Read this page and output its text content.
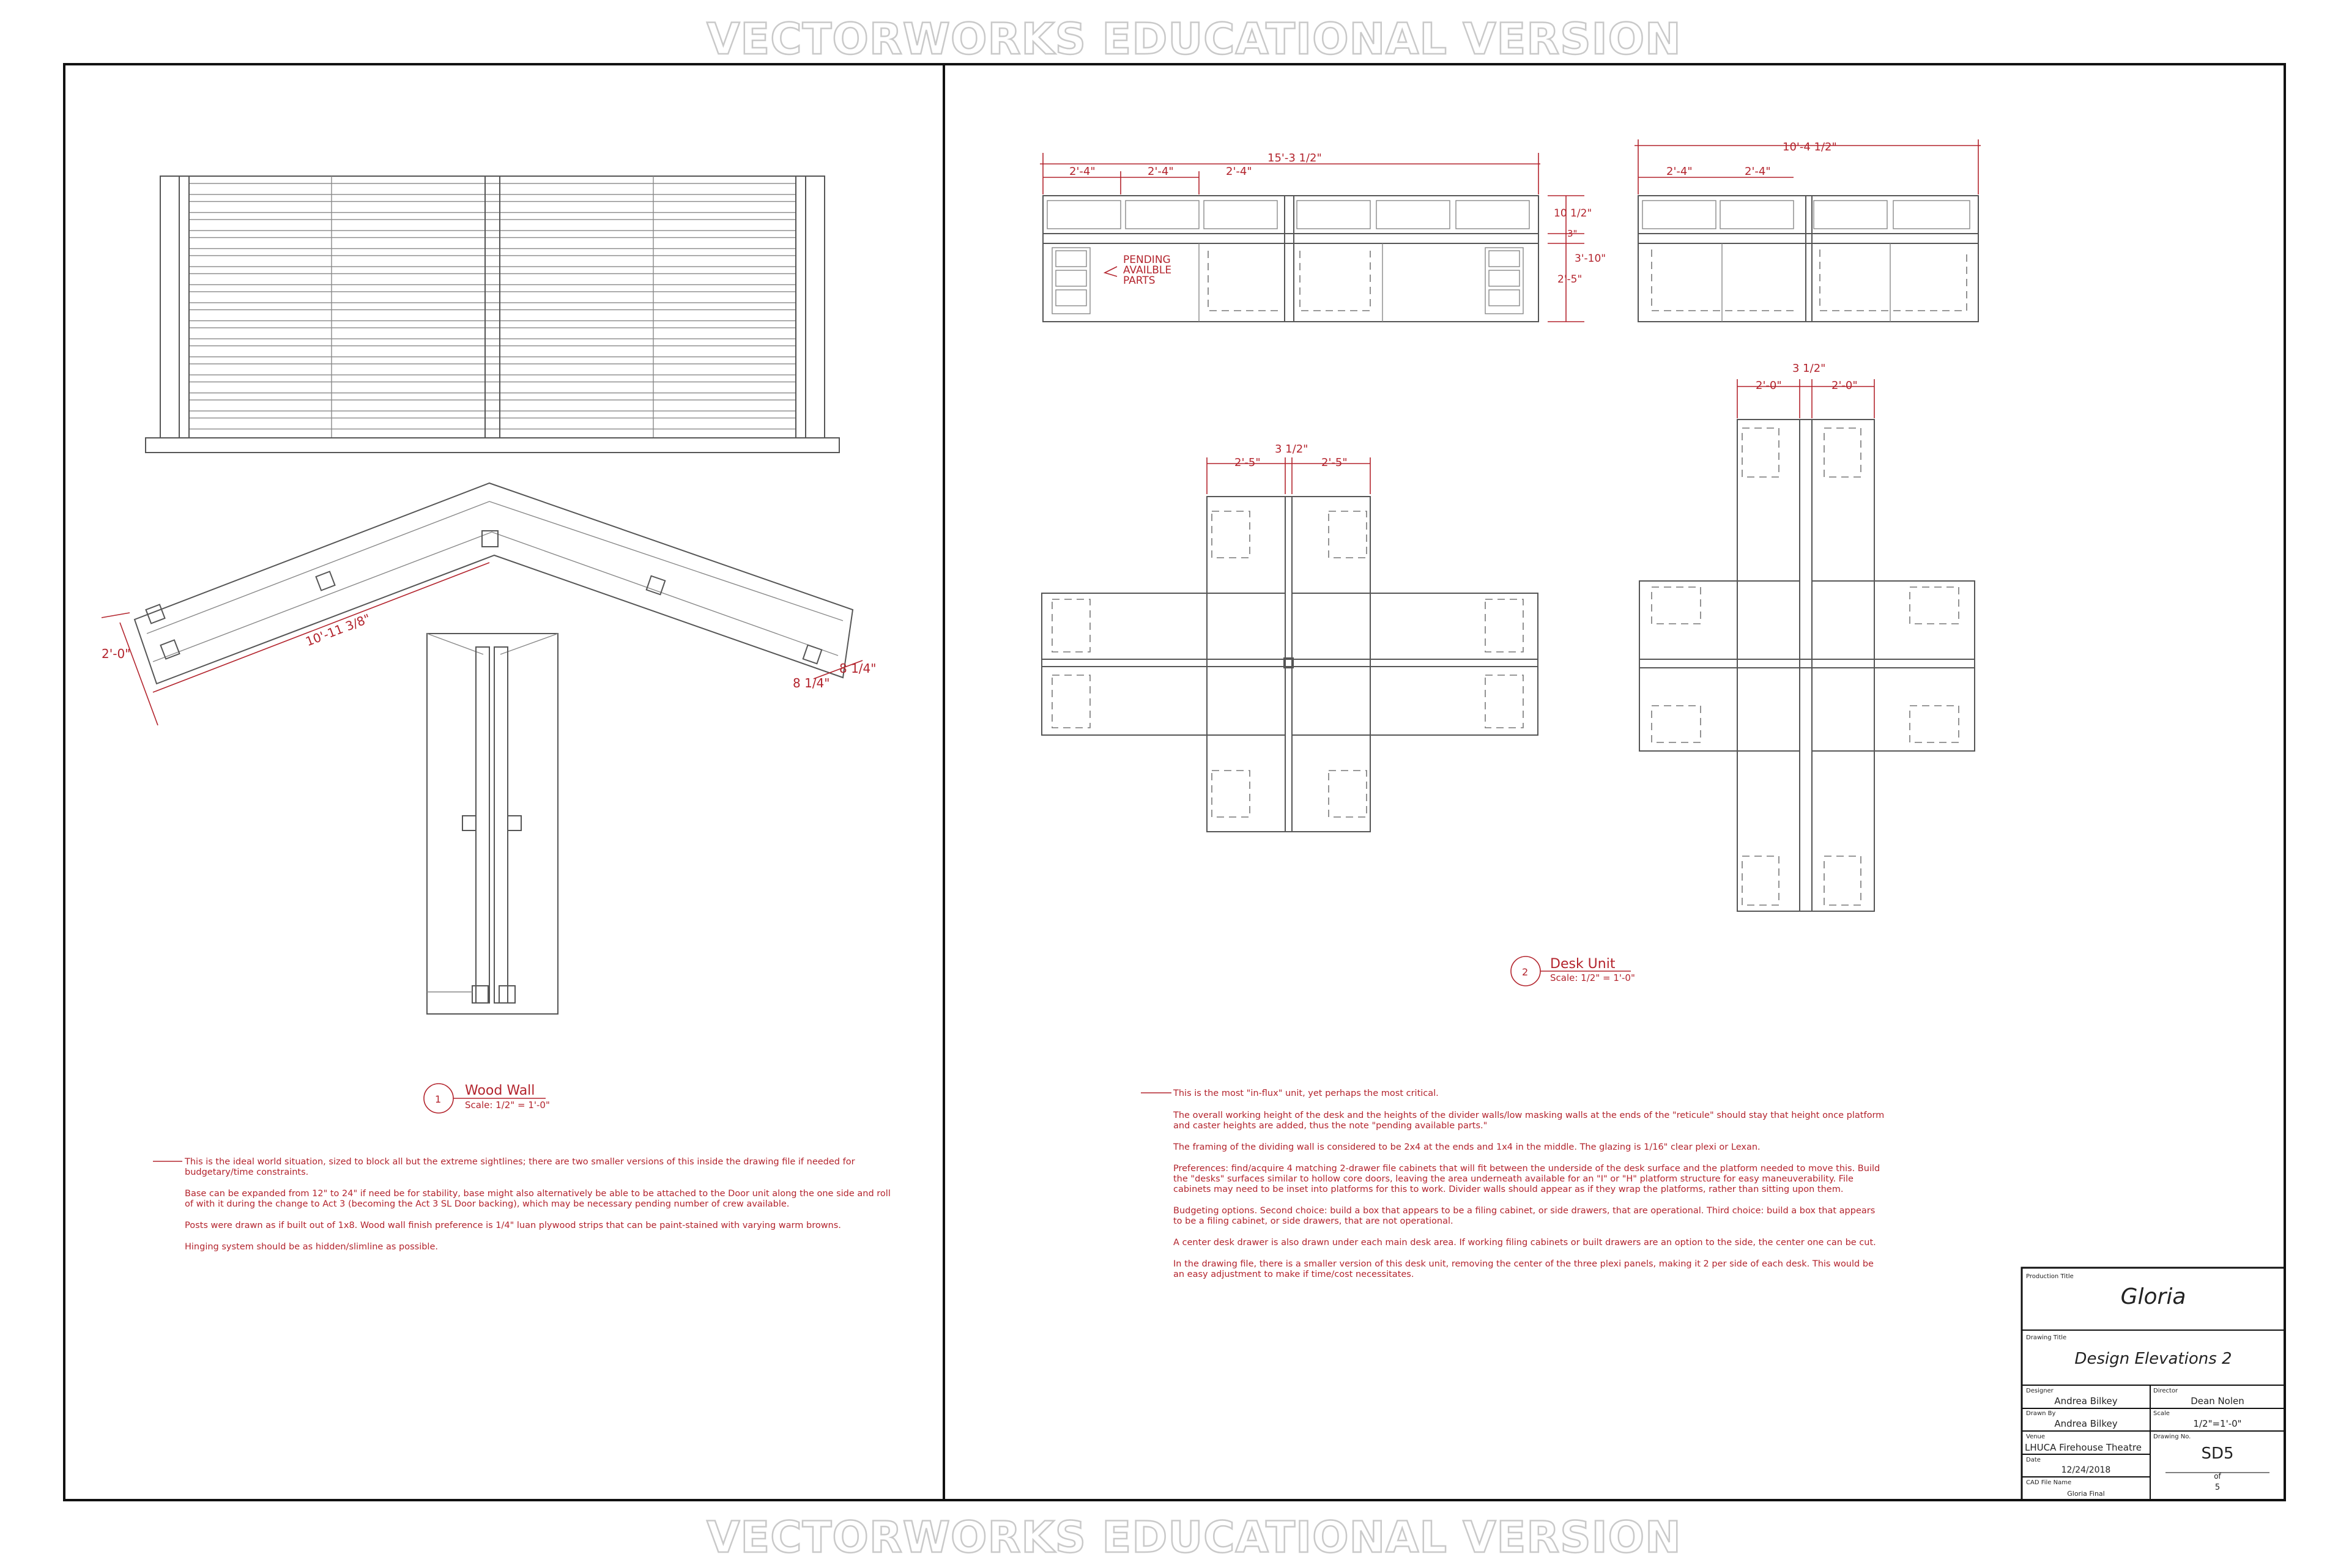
VECTORWORKS EDUCATIONAL VERSION
VECTORWORKS EDUCATIONAL VERSION
2'-0"
10'-11 3/8"
8 1/4"
8 1/4"
1
Wood Wall
Scale: 1/2" = 1'-0"
This is the ideal world situation, sized to block all but the extreme sightlines; there are two smaller versions of this inside the drawing file if needed for
budgetary/time constraints.
Base can be expanded from 12" to 24" if need be for stability, base might also alternatively be able to be attached to the Door unit along the one side and roll
of with it during the change to Act 3 (becoming the Act 3 SL Door backing), which may be necessary pending number of crew available.
Posts were drawn as if built out of 1x8. Wood wall finish preference is 1/4" luan plywood strips that can be paint-stained with varying warm browns.
Hinging system should be as hidden/slimline as possible.
15'-3 1/2"
2'-4"	2'-4"	2'-4"
10 1/2"
3"
3'-10"
2'-5"
PENDING
AVAILBLE
PARTS
10'-4 1/2"
2'-4"	2'-4"
3 1/2"
2'-5"	2'-5"
3 1/2"
2'-0"	2'-0"
2
Desk Unit
Scale: 1/2" = 1'-0"
This is the most "in-flux" unit, yet perhaps the most critical.
The overall working height of the desk and the heights of the divider walls/low masking walls at the ends of the "reticule" should stay that height once platform
and caster heights are added, thus the note "pending available parts."
The framing of the dividing wall is considered to be 2x4 at the ends and 1x4 in the middle. The glazing is 1/16" clear plexi or Lexan.
Preferences: find/acquire 4 matching 2-drawer file cabinets that will fit between the underside of the desk surface and the platform needed to move this. Build
the "desks" surfaces similar to hollow core doors, leaving the area underneath available for an "I" or "H" platform structure for easy maneuverability. File
cabinets may need to be inset into platforms for this to work. Divider walls should appear as if they wrap the platforms, rather than sitting upon them.
Budgeting options. Second choice: build a box that appears to be a filing cabinet, or side drawers, that are operational. Third choice: build a box that appears
to be a filing cabinet, or side drawers, that are not operational.
A center desk drawer is also drawn under each main desk area. If working filing cabinets or built drawers are an option to the side, the center one can be cut.
In the drawing file, there is a smaller version of this desk unit, removing the center of the three plexi panels, making it 2 per side of each desk. This would be
an easy adjustment to make if time/cost necessitates.	Production Title
Gloria
Drawing Title
Design Elevations 2
Designer
Andrea Bilkey
Director
Dean Nolen
Drawn By
Andrea Bilkey
Scale
1/2"=1'-0"
Venue
LHUCA Firehouse Theatre
Drawing No.
SD5
Date
12/24/2018
of
5
CAD File Name
Gloria Final
